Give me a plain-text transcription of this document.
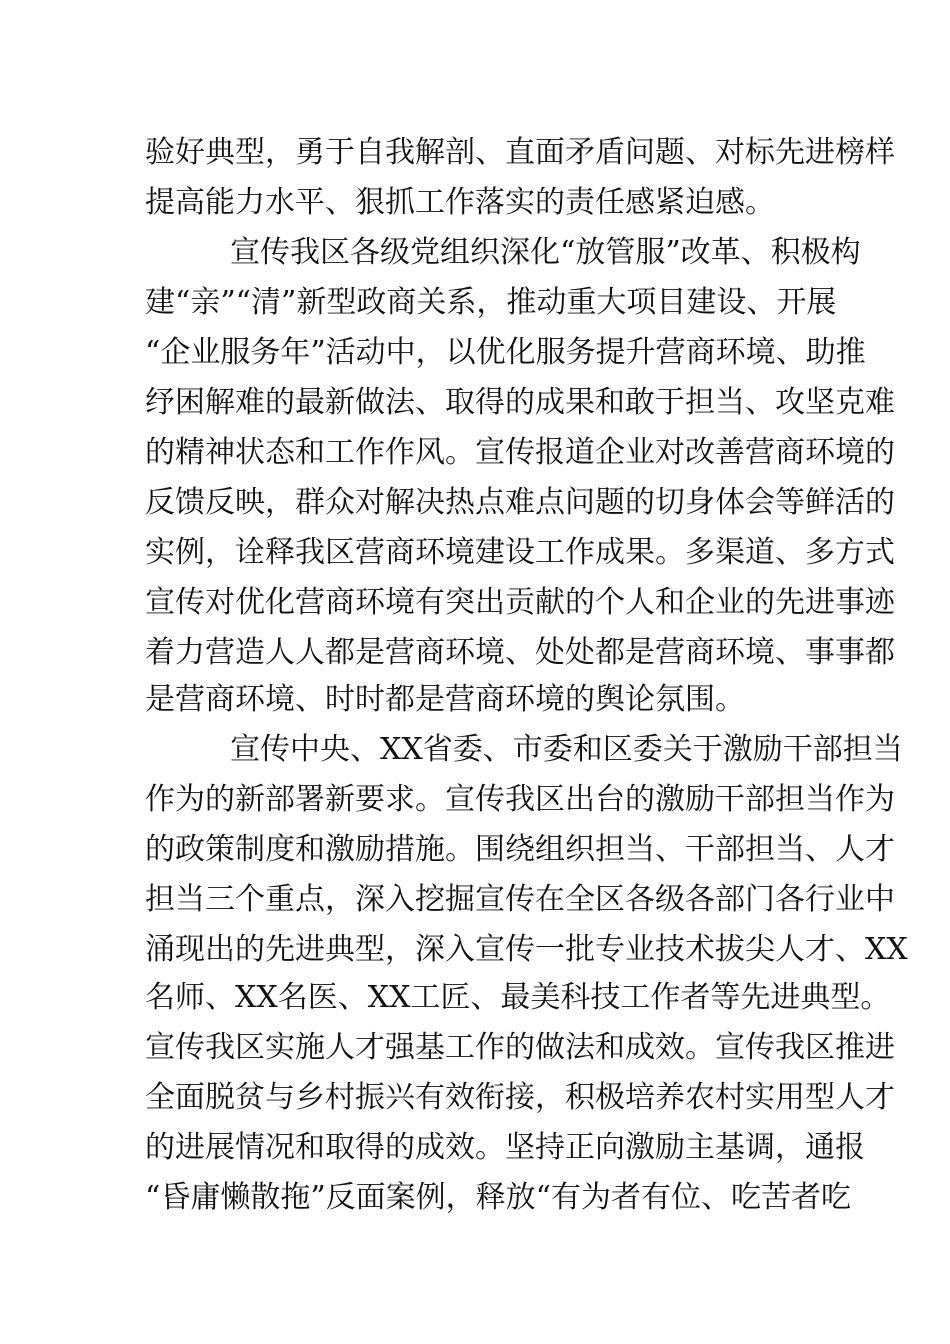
验好典型，勇于自我解剖、直面矛盾问题、对标先进榜样
提高能力水平、狠抓工作落实的责任感紧迫感。
宣传我区各级党组织深化“放管服”改革、积极构
建“亲”“清”新型政商关系，推动重大项目建设、开展
“企业服务年”活动中，以优化服务提升营商环境、助推
纾困解难的最新做法、取得的成果和敢于担当、攻坚克难
的精神状态和工作作风。宣传报道企业对改善营商环境的
反馈反映，群众对解决热点难点问题的切身体会等鲜活的
实例，诠释我区营商环境建设工作成果。多渠道、多方式
宣传对优化营商环境有突出贡献的个人和企业的先进事迹
着力营造人人都是营商环境、处处都是营商环境、事事都
是营商环境、时时都是营商环境的舆论氛围。
宣传中央、XX省委、市委和区委关于激励干部担当
作为的新部署新要求。宣传我区出台的激励干部担当作为
的政策制度和激励措施。围绕组织担当、干部担当、人才
担当三个重点，深入挖掘宣传在全区各级各部门各行业中
涌现出的先进典型，深入宣传一批专业技术拔尖人才、XX
名师、XX名医、XX工匠、最美科技工作者等先进典型。
宣传我区实施人才强基工作的做法和成效。宣传我区推进
全面脱贫与乡村振兴有效衔接，积极培养农村实用型人才
的进展情况和取得的成效。坚持正向激励主基调，通报
“昏庸懒散拖”反面案例，释放“有为者有位、吃苦者吃
